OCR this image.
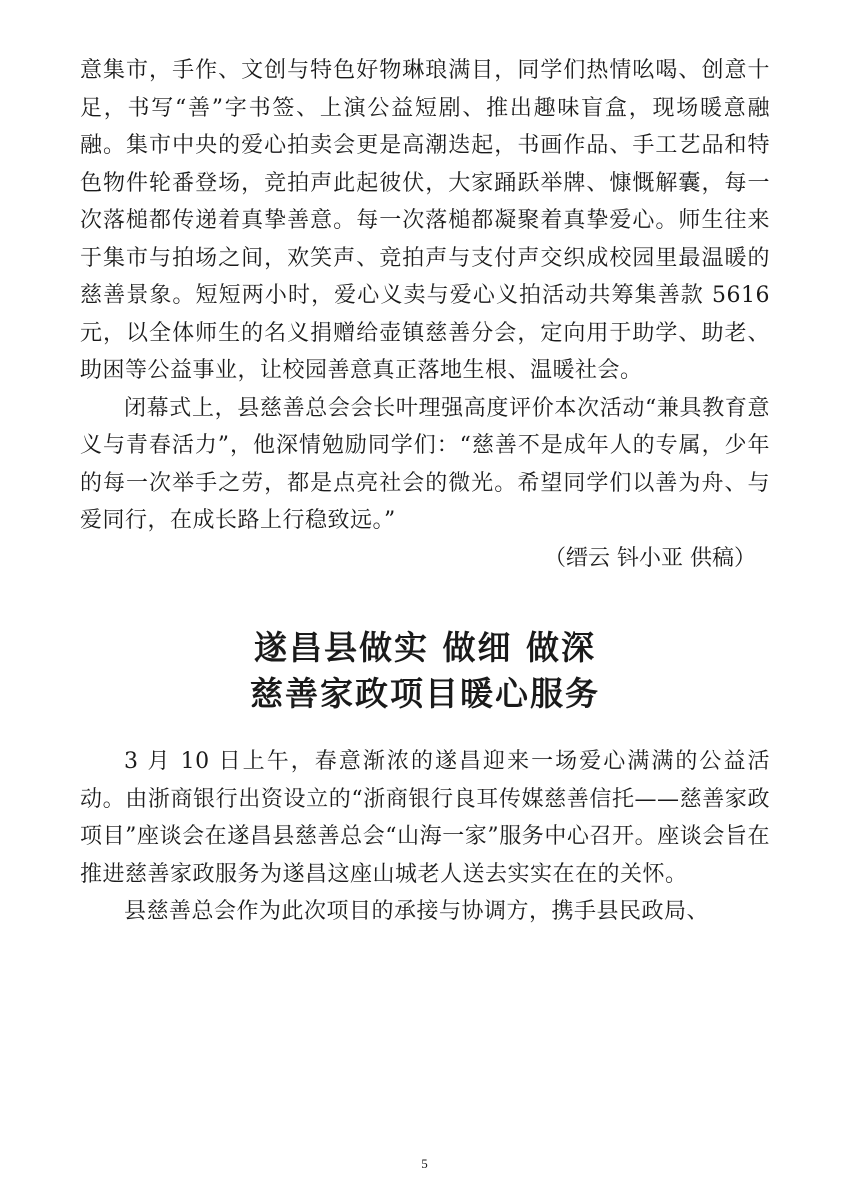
意集市，手作、文创与特色好物琳琅满目，同学们热情吆喝、创意十足，书写“善”字书签、上演公益短剧、推出趣味盲盒，现场暖意融融。集市中央的爱心拍卖会更是高潮迭起，书画作品、手工艺品和特色物件轮番登场，竞拍声此起彼伏，大家踊跃举牌、慷慨解囊，每一次落槌都传递着真挚善意。每一次落槌都凝聚着真挚爱心。师生往来于集市与拍场之间，欢笑声、竞拍声与支付声交织成校园里最温暖的慈善景象。短短两小时，爱心义卖与爱心义拍活动共筹集善款 5616 元，以全体师生的名义捐赠给壶镇慈善分会，定向用于助学、助老、助困等公益事业，让校园善意真正落地生根、温暖社会。

闭幕式上，县慈善总会会长叶理强高度评价本次活动“兼具教育意义与青春活力”，他深情勉励同学们：“慈善不是成年人的专属，少年的每一次举手之劳，都是点亮社会的微光。希望同学们以善为舟、与爱同行，在成长路上行稳致远。”

（缙云 钭小亚 供稿）

遂昌县做实 做细 做深
慈善家政项目暖心服务

3 月 10 日上午，春意渐浓的遂昌迎来一场爱心满满的公益活动。由浙商银行出资设立的“浙商银行良耳传媒慈善信托——慈善家政项目”座谈会在遂昌县慈善总会“山海一家”服务中心召开。座谈会旨在推进慈善家政服务为遂昌这座山城老人送去实实在在的关怀。

县慈善总会作为此次项目的承接与协调方，携手县民政局、

5
